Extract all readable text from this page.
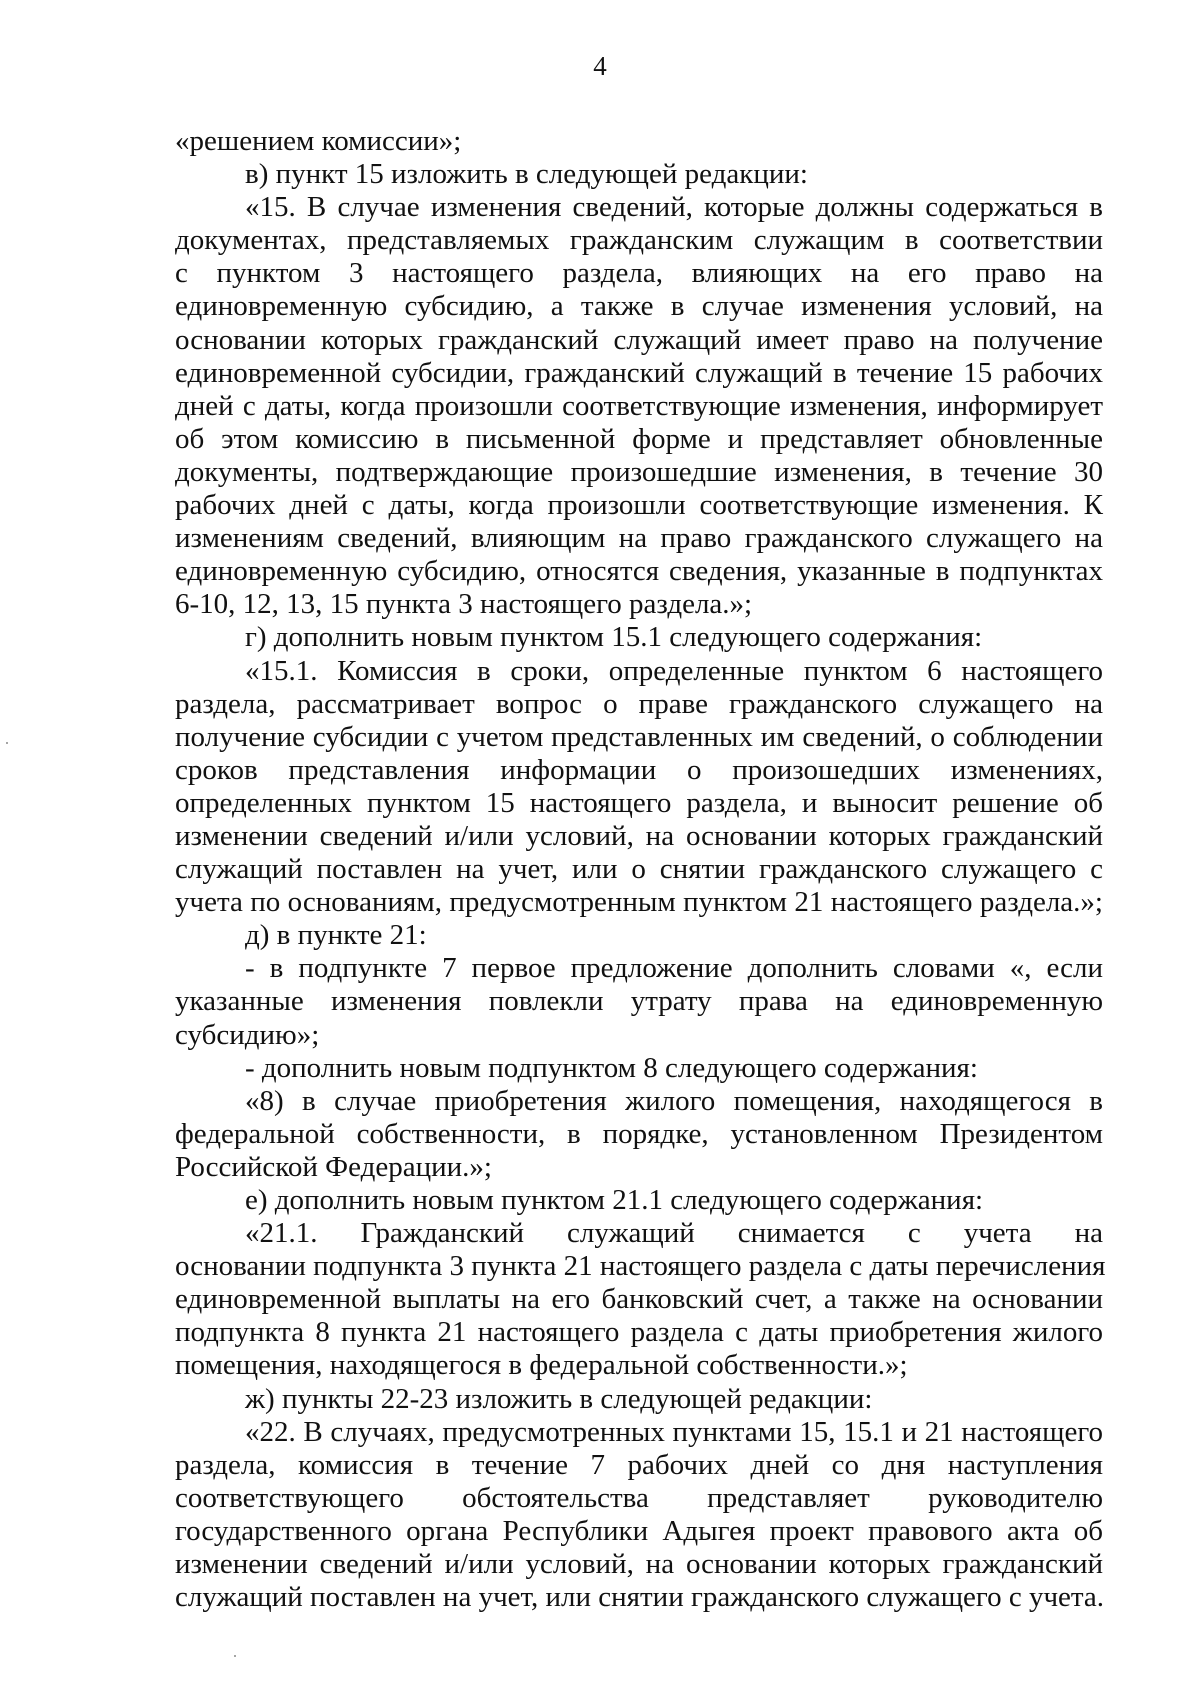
4
«решением комиссии»;
в) пункт 15 изложить в следующей редакции:
«15. В случае изменения сведений, которые должны содержаться в
документах, представляемых гражданским служащим в соответствии
с пунктом 3 настоящего раздела, влияющих на его право на
единовременную субсидию, а также в случае изменения условий, на
основании которых гражданский служащий имеет право на получение
единовременной субсидии, гражданский служащий в течение 15 рабочих
дней с даты, когда произошли соответствующие изменения, информирует
об этом комиссию в письменной форме и представляет обновленные
документы, подтверждающие произошедшие изменения, в течение 30
рабочих дней с даты, когда произошли соответствующие изменения. К
изменениям сведений, влияющим на право гражданского служащего на
единовременную субсидию, относятся сведения, указанные в подпунктах
6-10, 12, 13, 15 пункта 3 настоящего раздела.»;
г) дополнить новым пунктом 15.1 следующего содержания:
«15.1. Комиссия в сроки, определенные пунктом 6 настоящего
раздела, рассматривает вопрос о праве гражданского служащего на
получение субсидии с учетом представленных им сведений, о соблюдении
сроков представления информации о произошедших изменениях,
определенных пунктом 15 настоящего раздела, и выносит решение об
изменении сведений и/или условий, на основании которых гражданский
служащий поставлен на учет, или о снятии гражданского служащего с
учета по основаниям, предусмотренным пунктом 21 настоящего раздела.»;
д) в пункте 21:
- в подпункте 7 первое предложение дополнить словами «, если
указанные изменения повлекли утрату права на единовременную
субсидию»;
- дополнить новым подпунктом 8 следующего содержания:
«8) в случае приобретения жилого помещения, находящегося в
федеральной собственности, в порядке, установленном Президентом
Российской Федерации.»;
е) дополнить новым пунктом 21.1 следующего содержания:
«21.1. Гражданский служащий снимается с учета на
основании подпункта 3 пункта 21 настоящего раздела с даты перечисления
единовременной выплаты на его банковский счет, а также на основании
подпункта 8 пункта 21 настоящего раздела с даты приобретения жилого
помещения, находящегося в федеральной собственности.»;
ж) пункты 22-23 изложить в следующей редакции:
«22. В случаях, предусмотренных пунктами 15, 15.1 и 21 настоящего
раздела, комиссия в течение 7 рабочих дней со дня наступления
соответствующего обстоятельства представляет руководителю
государственного органа Республики Адыгея проект правового акта об
изменении сведений и/или условий, на основании которых гражданский
служащий поставлен на учет, или снятии гражданского служащего с учета.
